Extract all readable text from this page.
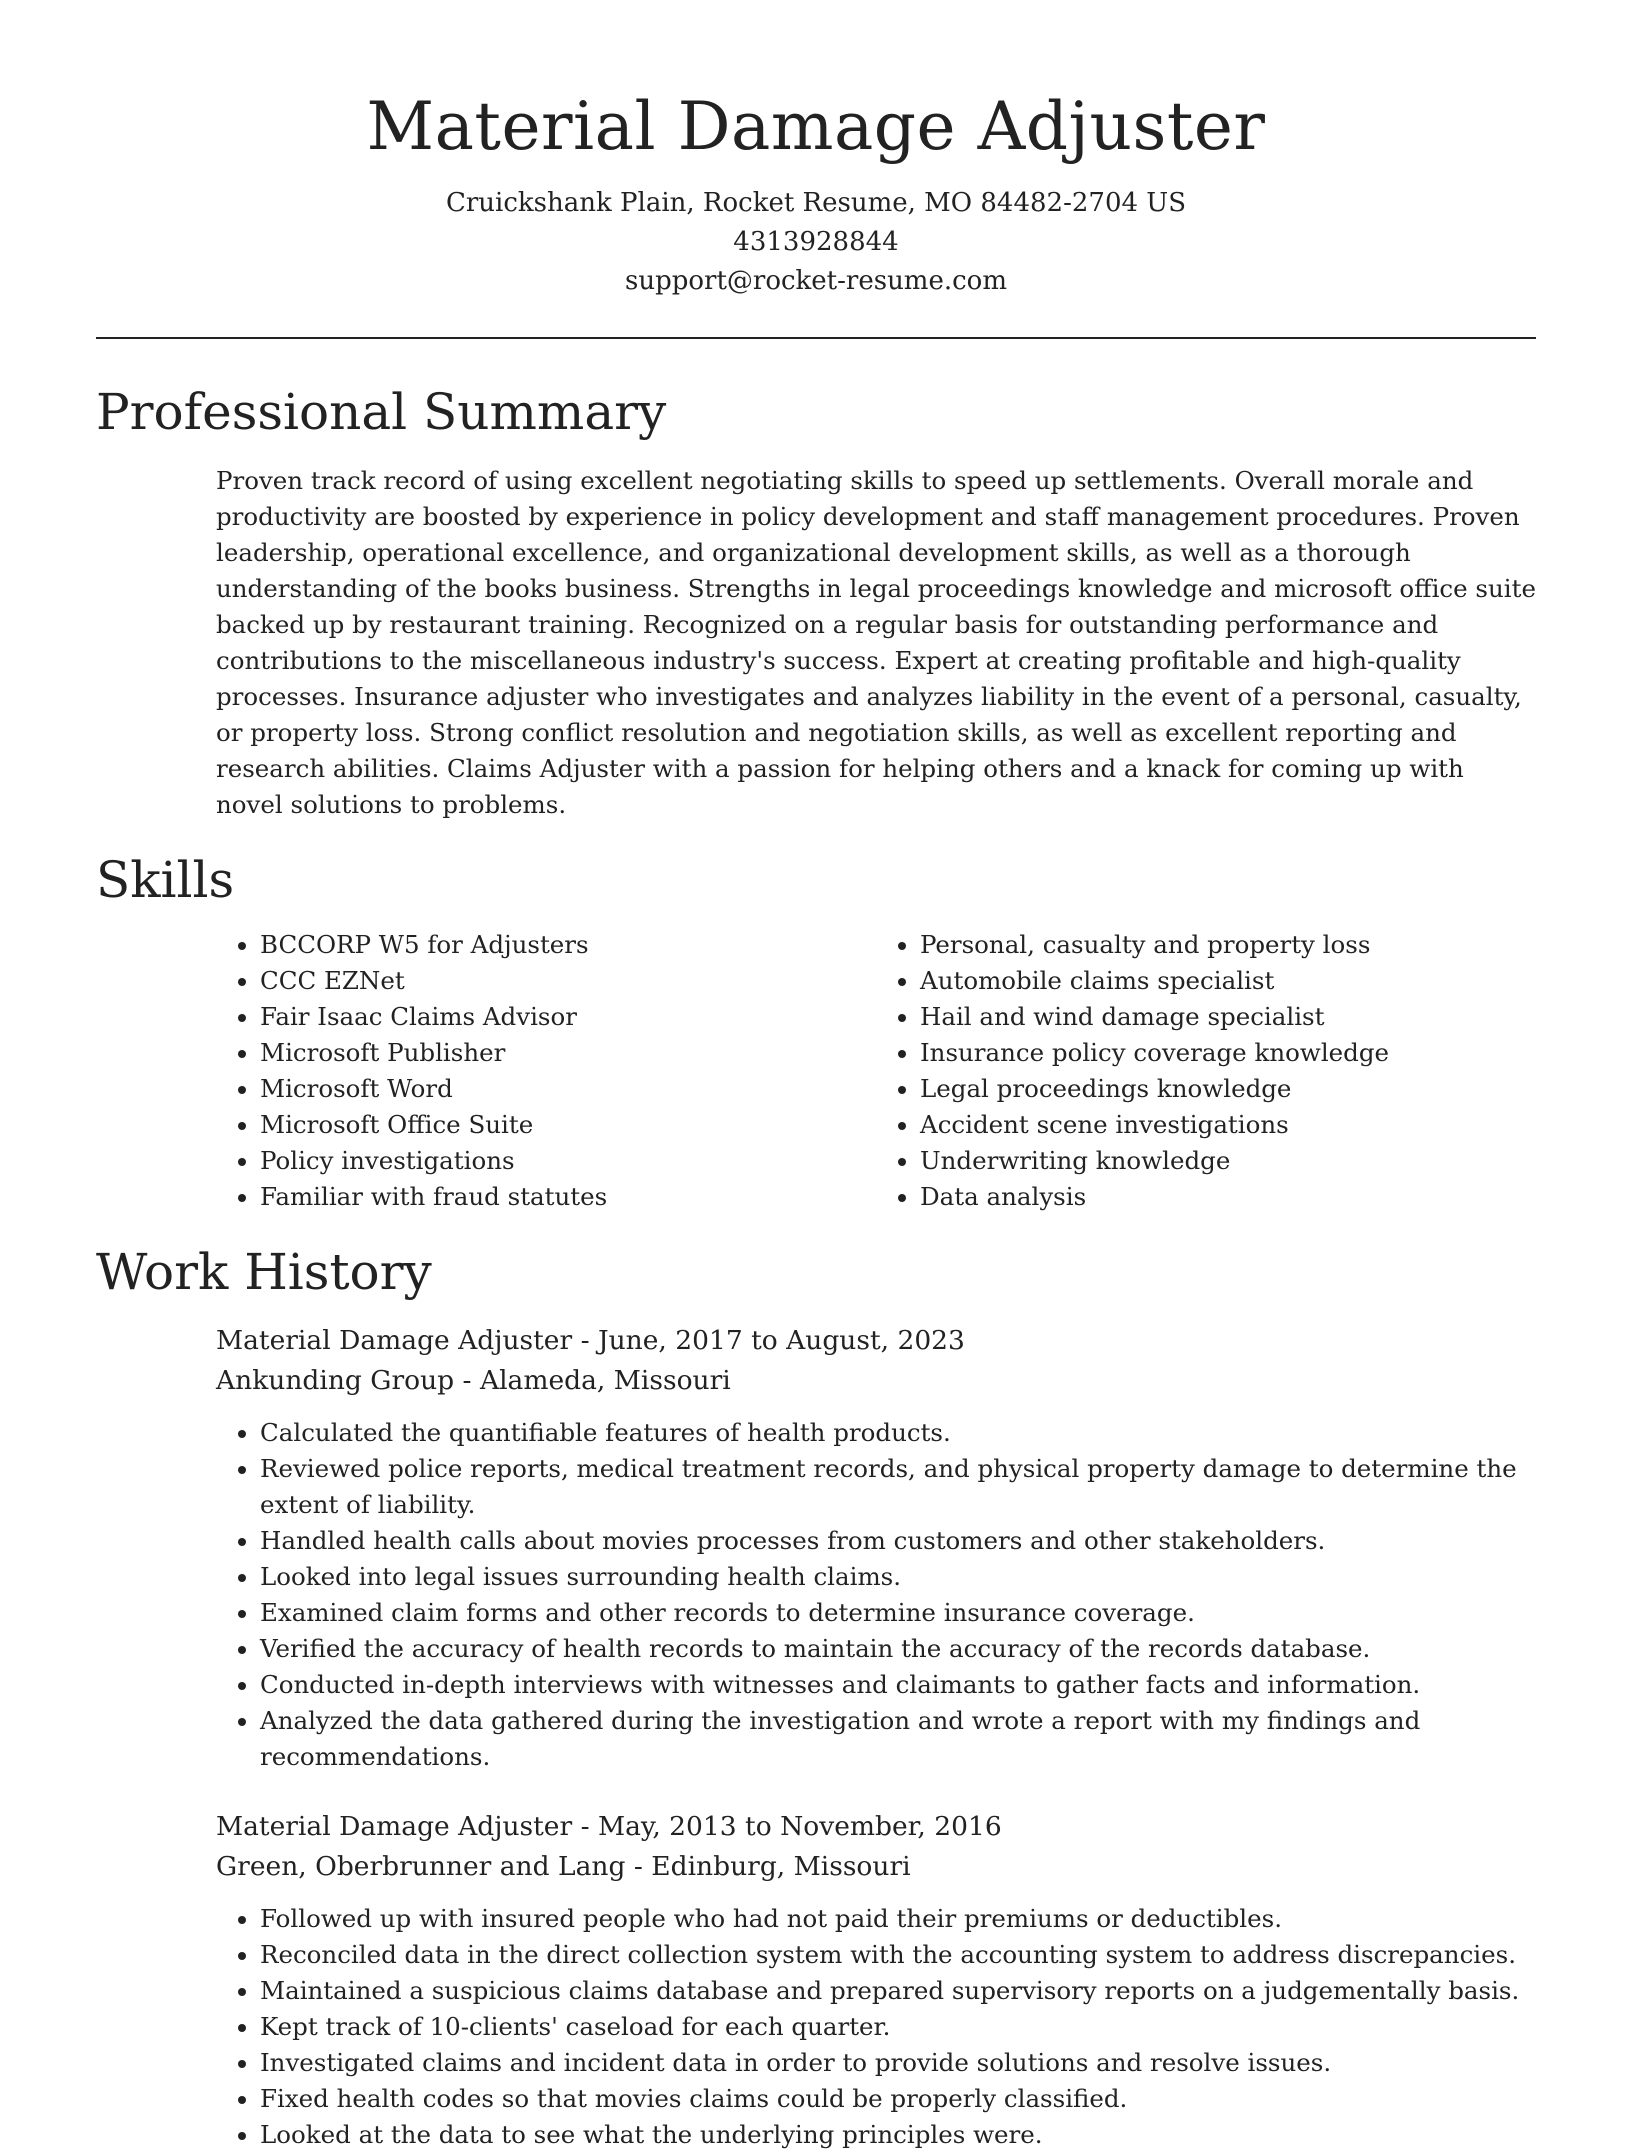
Material Damage Adjuster
Cruickshank Plain, Rocket Resume, MO 84482-2704 US
4313928844
support@rocket-resume.com
Professional Summary

Proven track record of using excellent negotiating skills to speed up settlements. Overall morale and productivity are boosted by experience in policy development and staff management procedures. Proven leadership, operational excellence, and organizational development skills, as well as a thorough understanding of the books business. Strengths in legal proceedings knowledge and microsoft office suite backed up by restaurant training. Recognized on a regular basis for outstanding performance and contributions to the miscellaneous industry's success. Expert at creating profitable and high-quality processes. Insurance adjuster who investigates and analyzes liability in the event of a personal, casualty, or property loss. Strong conflict resolution and negotiation skills, as well as excellent reporting and research abilities. Claims Adjuster with a passion for helping others and a knack for coming up with novel solutions to problems.

Skills
• BCCORP W5 for Adjusters
• CCC EZNet
• Fair Isaac Claims Advisor
• Microsoft Publisher
• Microsoft Word
• Microsoft Office Suite
• Policy investigations
• Familiar with fraud statutes
• Personal, casualty and property loss
• Automobile claims specialist
• Hail and wind damage specialist
• Insurance policy coverage knowledge
• Legal proceedings knowledge
• Accident scene investigations
• Underwriting knowledge
• Data analysis
Work History
Material Damage Adjuster - June, 2017 to August, 2023
Ankunding Group - Alameda, Missouri
• Calculated the quantifiable features of health products.
• Reviewed police reports, medical treatment records, and physical property damage to determine the extent of liability.
• Handled health calls about movies processes from customers and other stakeholders.
• Looked into legal issues surrounding health claims.
• Examined claim forms and other records to determine insurance coverage.
• Verified the accuracy of health records to maintain the accuracy of the records database.
• Conducted in-depth interviews with witnesses and claimants to gather facts and information.
• Analyzed the data gathered during the investigation and wrote a report with my findings and recommendations.
Material Damage Adjuster - May, 2013 to November, 2016
Green, Oberbrunner and Lang - Edinburg, Missouri
• Followed up with insured people who had not paid their premiums or deductibles.
• Reconciled data in the direct collection system with the accounting system to address discrepancies.
• Maintained a suspicious claims database and prepared supervisory reports on a judgementally basis.
• Kept track of 10-clients' caseload for each quarter.
• Investigated claims and incident data in order to provide solutions and resolve issues.
• Fixed health codes so that movies claims could be properly classified.
• Looked at the data to see what the underlying principles were.
